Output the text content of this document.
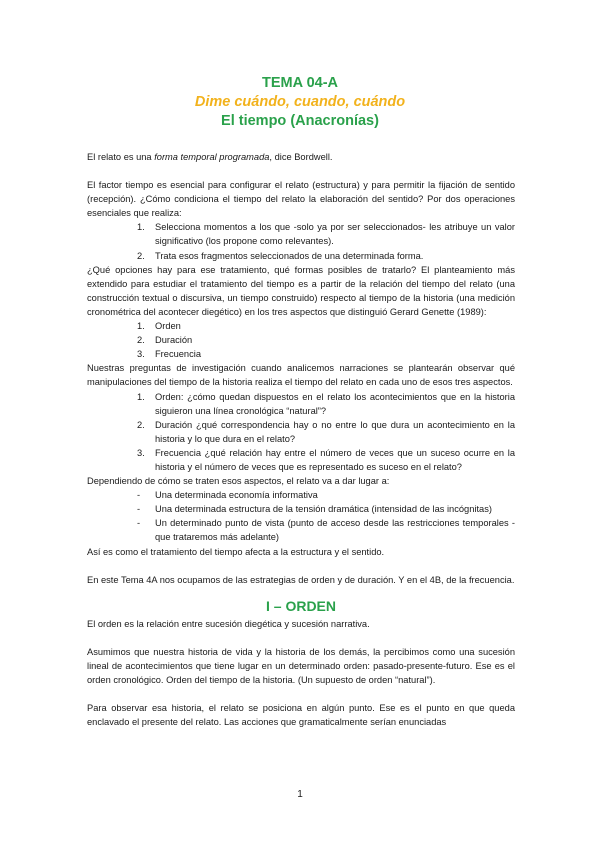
TEMA 04-A
Dime cuándo, cuando, cuándo
El tiempo (Anacronías)

El relato es una forma temporal programada, dice Bordwell.

El factor tiempo es esencial para configurar el relato (estructura) y para permitir la fijación de sentido (recepción). ¿Cómo condiciona el tiempo del relato la elaboración del sentido? Por dos operaciones esenciales que realiza:

1.	Selecciona momentos a los que -solo ya por ser seleccionados- les atribuye un valor significativo (los propone como relevantes).
2.	Trata esos fragmentos seleccionados de una determinada forma.

¿Qué opciones hay para ese tratamiento, qué formas posibles de tratarlo? El planteamiento más extendido para estudiar el tratamiento del tiempo es a partir de la relación del tiempo del relato (una construcción textual o discursiva, un tiempo construido) respecto al tiempo de la historia (una medición cronométrica del acontecer diegético) en los tres aspectos que distinguió Gerard Genette (1989):

1.	Orden
2.	Duración
3.	Frecuencia

Nuestras preguntas de investigación cuando analicemos narraciones se plantearán observar qué manipulaciones del tiempo de la historia realiza el tiempo del relato en cada uno de esos tres aspectos.

1.	Orden: ¿cómo quedan dispuestos en el relato los acontecimientos que en la historia siguieron una línea cronológica “natural”?
2.	Duración ¿qué correspondencia hay o no entre lo que dura un acontecimiento en la historia y lo que dura en el relato?
3.	Frecuencia ¿qué relación hay entre el número de veces que un suceso ocurre en la historia y el número de veces que es representado es suceso en el relato?

Dependiendo de cómo se traten esos aspectos, el relato va a dar lugar a:

-	Una determinada economía informativa
-	Una determinada estructura de la tensión dramática (intensidad de las incógnitas)
-	Un determinado punto de vista (punto de acceso desde las restricciones temporales -que trataremos más adelante)

Así es como el tratamiento del tiempo afecta a la estructura y el sentido.

En este Tema 4A nos ocupamos de las estrategias de orden y de duración. Y en el 4B, de la frecuencia.

I – ORDEN

El orden es la relación entre sucesión diegética y sucesión narrativa.

Asumimos que nuestra historia de vida y la historia de los demás, la percibimos como una sucesión lineal de acontecimientos que tiene lugar en un determinado orden: pasado-presente-futuro. Ese es el orden cronológico. Orden del tiempo de la historia. (Un supuesto de orden “natural”).

Para observar esa historia, el relato se posiciona en algún punto. Ese es el punto en que queda enclavado el presente del relato. Las acciones que gramaticalmente serían enunciadas

1
